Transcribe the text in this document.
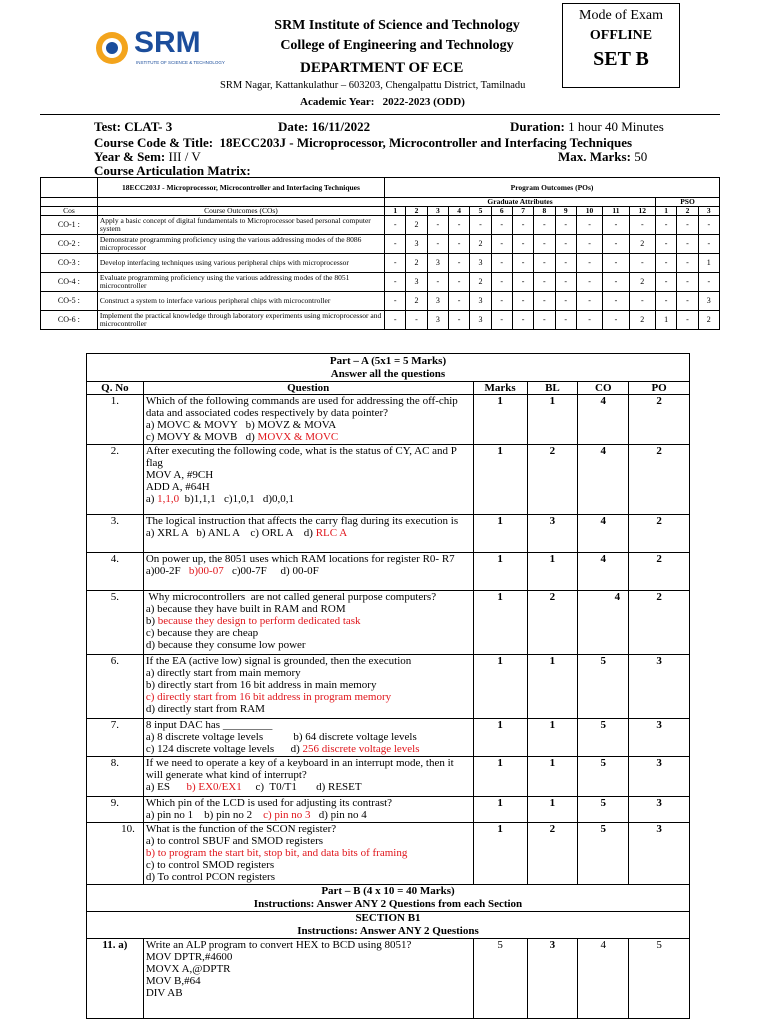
SRM
INSTITUTE OF SCIENCE & TECHNOLOGY
SRM Institute of Science and Technology
College of Engineering and Technology
DEPARTMENT OF ECE
SRM Nagar, Kattankulathur – 603203, Chengalpattu District, Tamilnadu
Academic Year: 2022-2023 (ODD)
Mode of Exam
OFFLINE
SET B
Test: CLAT- 3	Date: 16/11/2022	Duration: 1 hour 40 Minutes
Course Code & Title: 18ECC203J - Microprocessor, Microcontroller and Interfacing Techniques
Year & Sem: III / V	Max. Marks: 50
Course Articulation Matrix:
	18ECC203J - Microprocessor, Microcontroller and Interfacing Techniques	Program Outcomes (POs)														
		Graduate Attributes												PSO		
Cos	Course Outcomes (COs)	1	2	3	4	5	6	7	8	9	10	11	12	1	2	3
CO-1 :	Apply a basic concept of digital fundamentals to Microprocessor based personal computer system	-	2	-	-	-	-	-	-	-	-	-	-	-	-	-
CO-2 :	Demonstrate programming proficiency using the various addressing modes of the 8086 microprocessor	-	3	-	-	2	-	-	-	-	-	-	2	-	-	-
CO-3 :	Develop interfacing techniques using various peripheral chips with microprocessor	-	2	3	-	3	-	-	-	-	-	-	-	-	-	1
CO-4 :	Evaluate programming proficiency using the various addressing modes of the 8051 microcontroller	-	3	-	-	2	-	-	-	-	-	-	2	-	-	-
CO-5 :	Construct a system to interface various peripheral chips with microcontroller	-	2	3	-	3	-	-	-	-	-	-	-	-	-	3
CO-6 :	Implement the practical knowledge through laboratory experiments using microprocessor and microcontroller	-	-	3	-	3	-	-	-	-	-	-	2	1	-	2
Part – A (5x1 = 5 Marks)
Answer all the questions					

Q. No	Question	Marks	BL	CO	PO
1.	Which of the following commands are used for addressing the off-chip data and associated codes respectively by data pointer?
a) MOVC & MOVY   b) MOVZ & MOVA
c) MOVY & MOVB   d) MOVX & MOVC	1	1	4	2
2.	After executing the following code, what is the status of CY, AC and P flag
MOV A, #9CH
ADD A, #64H
a) 1,1,0  b)1,1,1   c)1,0,1   d)0,0,1	1	2	4	2
3.	The logical instruction that affects the carry flag during its execution is
a) XRL A   b) ANL A    c) ORL A    d) RLC A	1	3	4	2
4.	On power up, the 8051 uses which RAM locations for register R0- R7
a)00-2F   b)00-07   c)00-7F     d) 00-0F	1	1	4	2
5.	Why microcontrollers  are not called general purpose computers?
a) because they have built in RAM and ROM
b) because they design to perform dedicated task
c) because they are cheap
d) because they consume low power	1	2	4	2
6.	If the EA (active low) signal is grounded, then the execution
a) directly start from main memory
b) directly start from 16 bit address in main memory
c) directly start from 16 bit address in program memory
d) directly start from RAM	1	1	5	3
7.	8 input DAC has _________
a) 8 discrete voltage levels           b) 64 discrete voltage levels
c) 124 discrete voltage levels      d) 256 discrete voltage levels	1	1	5	3
8.	If we need to operate a key of a keyboard in an interrupt mode, then it will generate what kind of interrupt?
a) ES      b) EX0/EX1     c)  T0/T1       d) RESET	1	1	5	3
9.	Which pin of the LCD is used for adjusting its contrast?
a) pin no 1    b) pin no 2    c) pin no 3   d) pin no 4	1	1	5	3
10.	What is the function of the SCON register?
a) to control SBUF and SMOD registers
b) to program the start bit, stop bit, and data bits of framing
c) to control SMOD registers
d) To control PCON registers	1	2	5	3

Part – B (4 x 10 = 40 Marks)
Instructions: Answer ANY 2 Questions from each Section					

SECTION B1
Instructions: Answer ANY 2 Questions					

11. a)	Write an ALP program to convert HEX to BCD using 8051?
MOV DPTR,#4600
MOVX A,@DPTR
MOV B,#64
DIV AB	5	3	4	5
